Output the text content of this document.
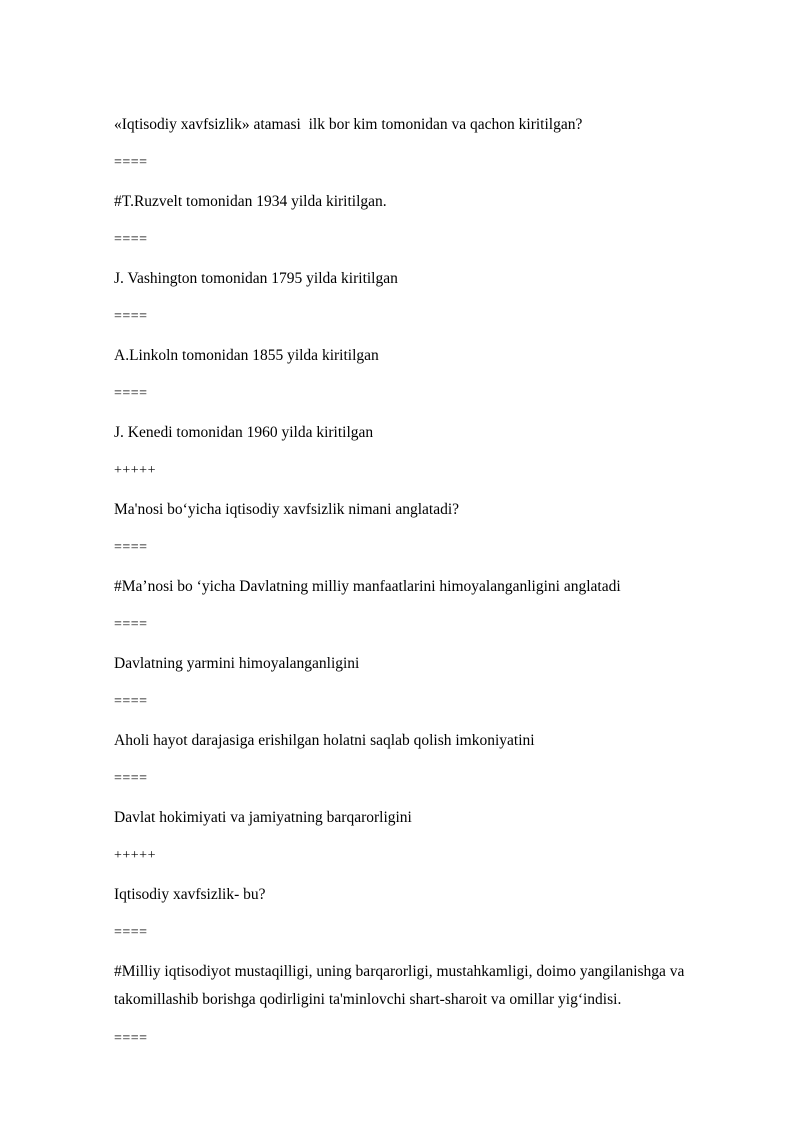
«Iqtisodiy xavfsizlik» atamasi  ilk bor kim tomonidan va qachon kiritilgan?
====
#T.Ruzvelt tomonidan 1934 yilda kiritilgan.
====
J. Vashington tomonidan 1795 yilda kiritilgan
====
A.Linkoln tomonidan 1855 yilda kiritilgan
====
J. Kenedi tomonidan 1960 yilda kiritilgan
+++++
Ma'nosi bo‘yicha iqtisodiy xavfsizlik nimani anglatadi?
====
#Ma’nosi bo ‘yicha Davlatning milliy manfaatlarini himoyalanganligini anglatadi
====
Davlatning yarmini himoyalanganligini
====
Aholi hayot darajasiga erishilgan holatni saqlab qolish imkoniyatini
====
Davlat hokimiyati va jamiyatning barqarorligini
+++++
Iqtisodiy xavfsizlik- bu?
====
#Milliy iqtisodiyot mustaqilligi, uning barqarorligi, mustahkamligi, doimo yangilanishga va takomillashib borishga qodirligini ta'minlovchi shart-sharoit va omillar yig‘indisi.
====
